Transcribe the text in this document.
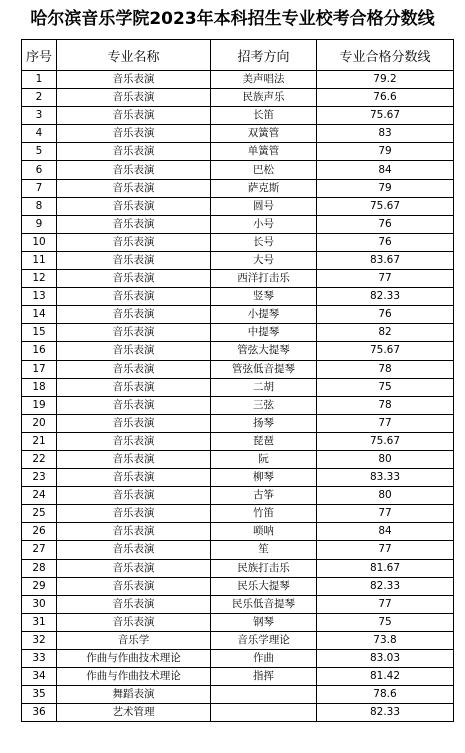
哈尔滨音乐学院2023年本科招生专业校考合格分数线
序号	专业名称	招考方向	专业合格分数线
1	音乐表演	美声唱法	79.2
2	音乐表演	民族声乐	76.6
3	音乐表演	长笛	75.67
4	音乐表演	双簧管	83
5	音乐表演	单簧管	79
6	音乐表演	巴松	84
7	音乐表演	萨克斯	79
8	音乐表演	圆号	75.67
9	音乐表演	小号	76
10	音乐表演	长号	76
11	音乐表演	大号	83.67
12	音乐表演	西洋打击乐	77
13	音乐表演	竖琴	82.33
14	音乐表演	小提琴	76
15	音乐表演	中提琴	82
16	音乐表演	管弦大提琴	75.67
17	音乐表演	管弦低音提琴	78
18	音乐表演	二胡	75
19	音乐表演	三弦	78
20	音乐表演	扬琴	77
21	音乐表演	琵琶	75.67
22	音乐表演	阮	80
23	音乐表演	柳琴	83.33
24	音乐表演	古筝	80
25	音乐表演	竹笛	77
26	音乐表演	唢呐	84
27	音乐表演	笙	77
28	音乐表演	民族打击乐	81.67
29	音乐表演	民乐大提琴	82.33
30	音乐表演	民乐低音提琴	77
31	音乐表演	钢琴	75
32	音乐学	音乐学理论	73.8
33	作曲与作曲技术理论	作曲	83.03
34	作曲与作曲技术理论	指挥	81.42
35	舞蹈表演		78.6
36	艺术管理		82.33
